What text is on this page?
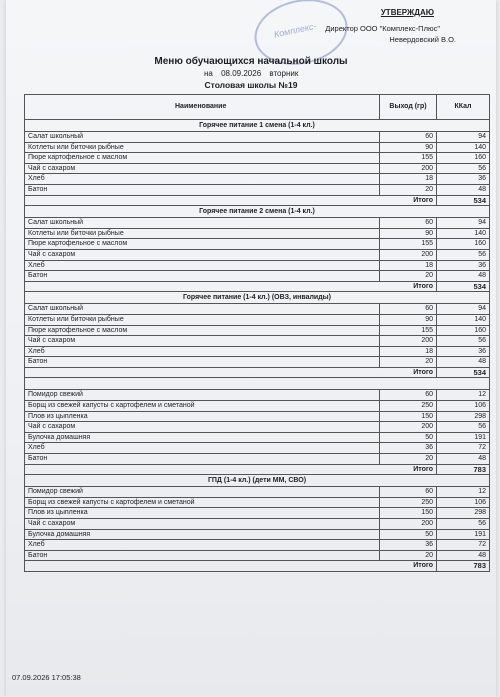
Комплекс-
УТВЕРЖДАЮ
Директор ООО "Комплекс-Плюс"
Невердовский В.О.
Меню обучающихся начальной школы
на 08.09.2026 вторник
Столовая школы №19
Наименование	Выход (гр)	ККал
Горячее питание 1 смена (1-4 кл.)		
Салат школьный	60	94
Котлеты или биточки рыбные	90	140
Пюре картофельное с маслом	155	160
Чай с сахаром	200	56
Хлеб	18	36
Батон	20	48
Итого		534
Горячее питание 2 смена (1-4 кл.)		
Салат школьный	60	94
Котлеты или биточки рыбные	90	140
Пюре картофельное с маслом	155	160
Чай с сахаром	200	56
Хлеб	18	36
Батон	20	48
Итого		534
Горячее питание (1-4 кл.) (ОВЗ, инвалиды)		
Салат школьный	60	94
Котлеты или биточки рыбные	90	140
Пюре картофельное с маслом	155	160
Чай с сахаром	200	56
Хлеб	18	36
Батон	20	48
Итого		534

Помидор свежий	60	12
Борщ из свежей капусты с картофелем и сметаной	250	106
Плов из цыпленка	150	298
Чай с сахаром	200	56
Булочка домашняя	50	191
Хлеб	36	72
Батон	20	48
Итого		783
ГПД (1-4 кл.) (дети ММ, СВО)		
Помидор свежий	60	12
Борщ из свежей капусты с картофелем и сметаной	250	106
Плов из цыпленка	150	298
Чай с сахаром	200	56
Булочка домашняя	50	191
Хлеб	36	72
Батон	20	48
Итого		783
07.09.2026 17:05:38
